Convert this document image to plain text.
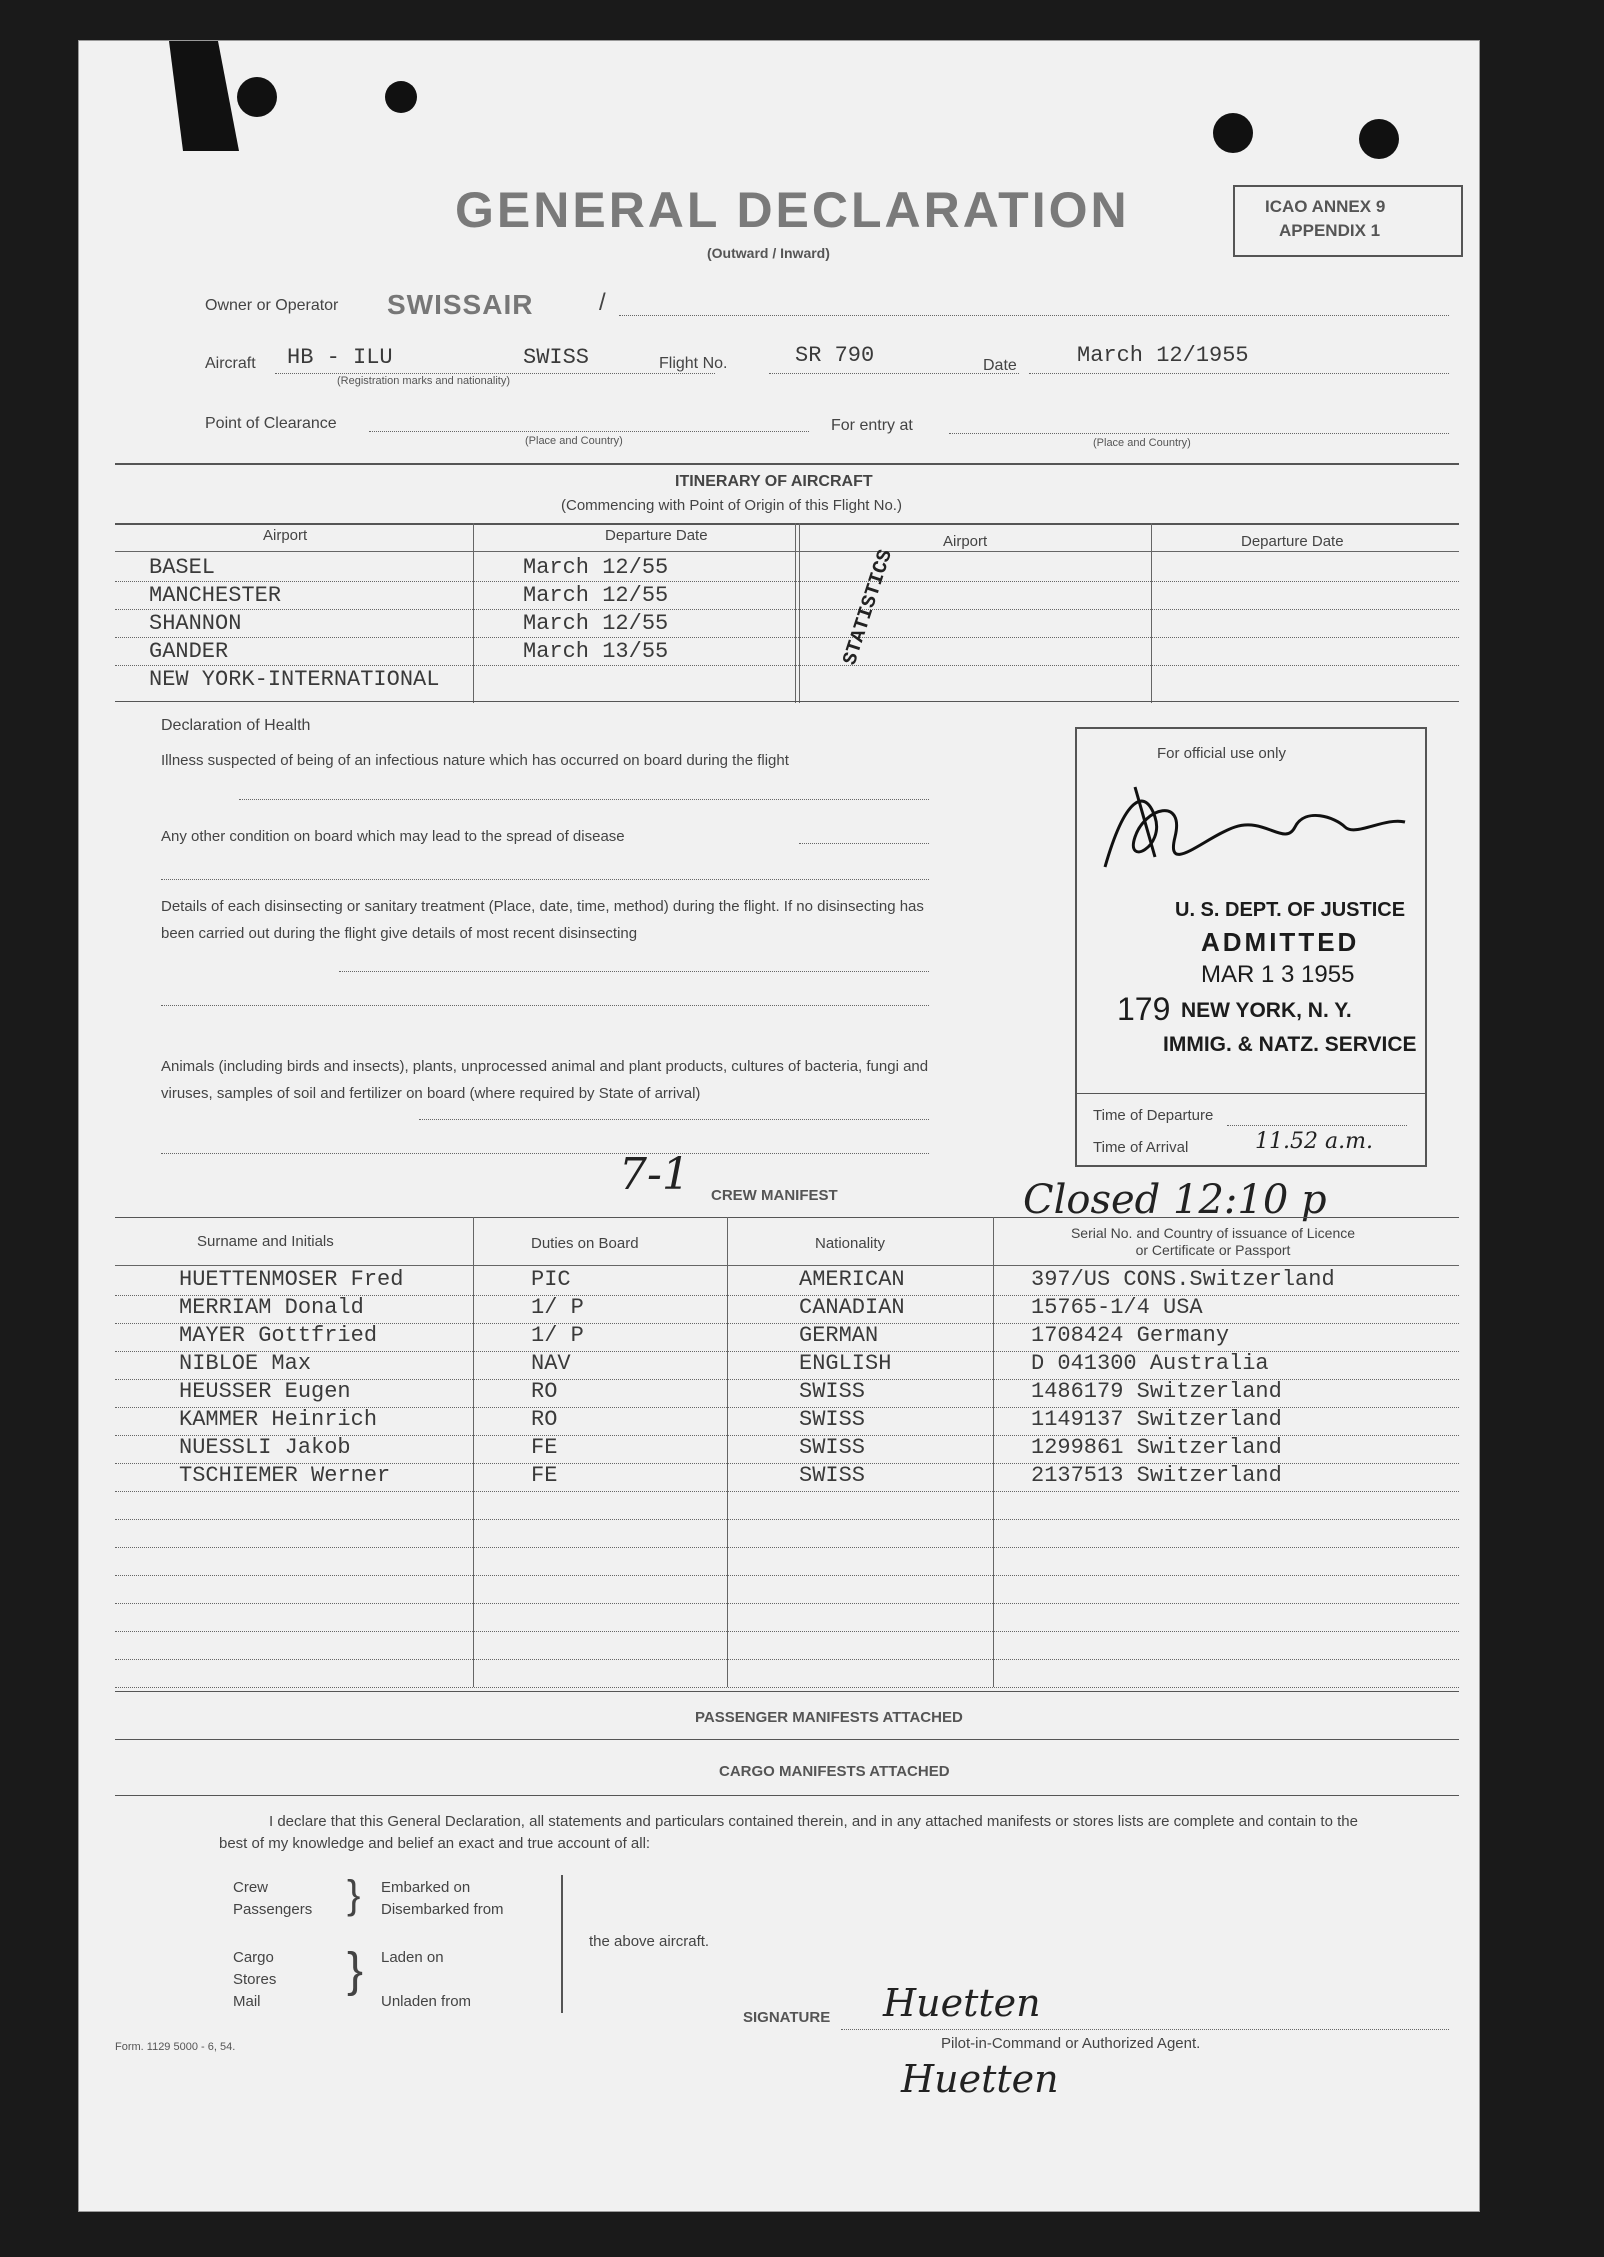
GENERAL DECLARATION
(Outward / Inward)
ICAO ANNEX 9
APPENDIX 1
Owner or Operator SWISSAIR	/
Aircraft HB - ILU	SWISS
(Registration marks and nationality)
Flight No.	SR 790	Date	March 12/1955
Point of Clearance
(Place and Country)
For entry at
(Place and Country)
ITINERARY OF AIRCRAFT
(Commencing with Point of Origin of this Flight No.)
Airport	Departure Date	Airport	Departure Date
BASEL	March 12/55
MANCHESTER	March 12/55
SHANNON	March 12/55
GANDER	March 13/55
NEW YORK-INTERNATIONAL
STATISTICS
Declaration of Health
Illness suspected of being of an infectious nature which has occurred on board during the flight
Any other condition on board which may lead to the spread of disease
Details of each disinsecting or sanitary treatment (Place, date, time, method) during the flight. If no disinsecting has been carried out during the flight give details of most recent disinsecting
Animals (including birds and insects), plants, unprocessed animal and plant products, cultures of bacteria, fungi and viruses, samples of soil and fertilizer on board (where required by State of arrival)
For official use only
U. S. DEPT. OF JUSTICE
ADMITTED
MAR 1 3 1955
179 NEW YORK, N. Y.
IMMIG. & NATZ. SERVICE
Time of Departure
Time of Arrival	11.52 a.m.
7-1 CREW MANIFEST	Closed 12:10 p
Surname and Initials	Duties on Board	Nationality
Serial No. and Country of issuance of Licence or Certificate or Passport
HUETTENMOSER Fred	PIC	AMERICAN	397/US CONS.Switzerland
MERRIAM Donald	1/ P	CANADIAN	15765-1/4 USA
MAYER Gottfried	1/ P	GERMAN	1708424 Germany
NIBLOE Max	NAV	ENGLISH	D 041300 Australia
HEUSSER Eugen	RO	SWISS	1486179 Switzerland
KAMMER Heinrich	RO	SWISS	1149137 Switzerland
NUESSLI Jakob	FE	SWISS	1299861 Switzerland
TSCHIEMER Werner	FE	SWISS	2137513 Switzerland
PASSENGER MANIFESTS ATTACHED
CARGO MANIFESTS ATTACHED
I declare that this General Declaration, all statements and particulars contained therein, and in any attached manifests or stores lists are complete and contain to the best of my knowledge and belief an exact and true account of all:
Crew
Passengers
Cargo
Stores
Mail
}
}
Embarked on
Disembarked from
Laden on
Unladen from
the above aircraft.
SIGNATURE Huetten
Pilot-in-Command or Authorized Agent.
Huetten
Form. 1129 5000 - 6, 54.
